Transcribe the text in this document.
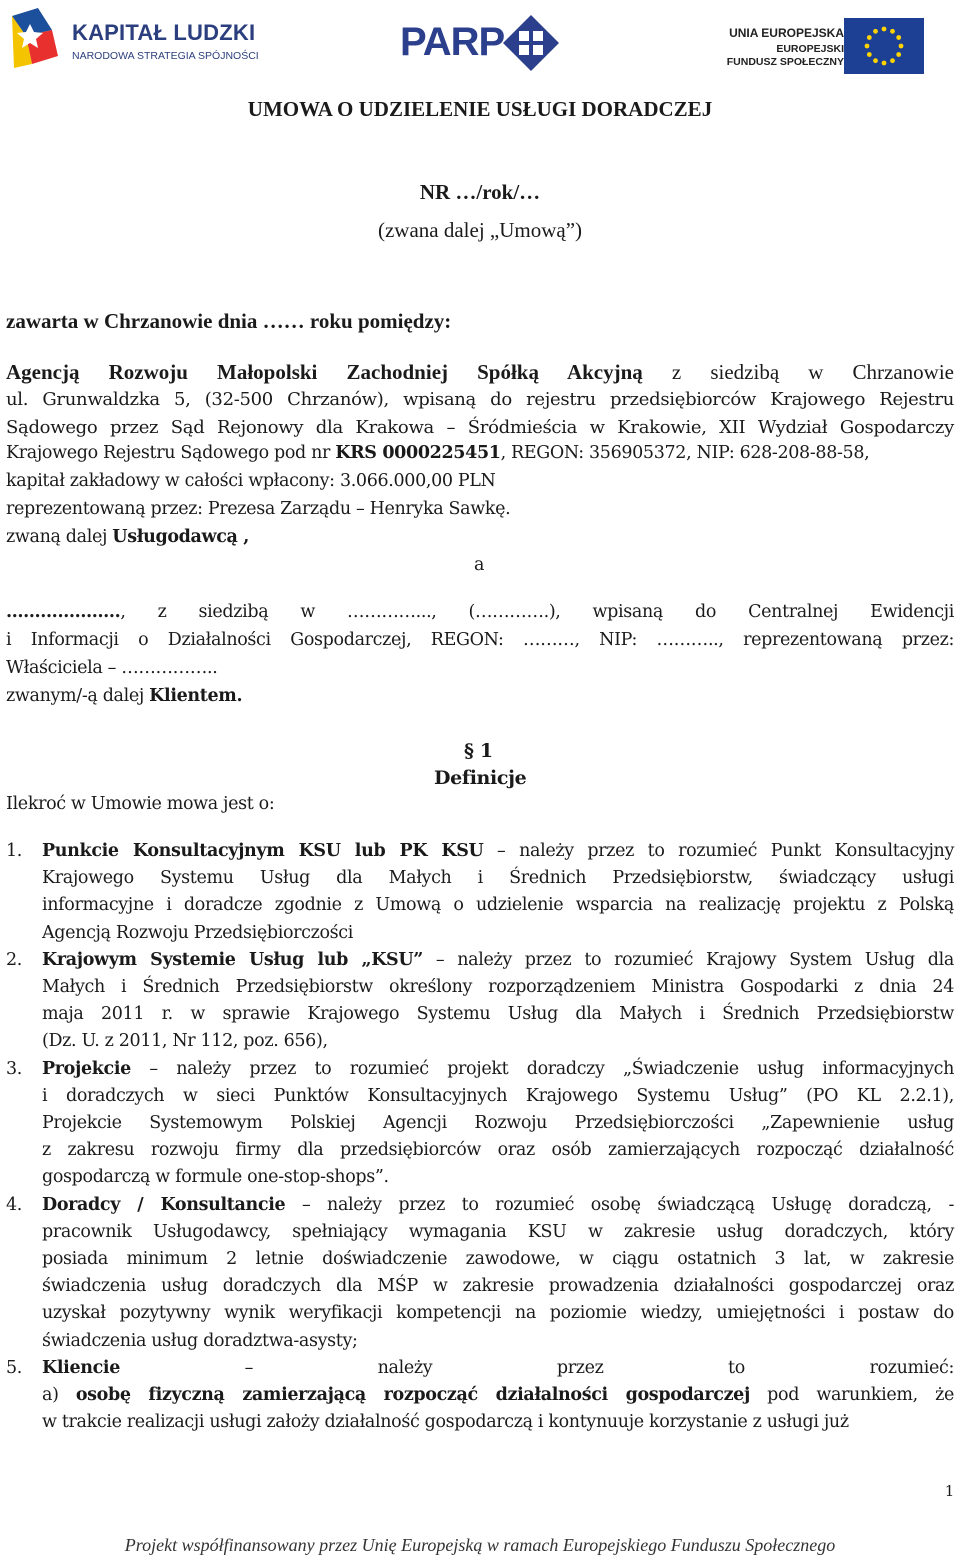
KAPITAŁ LUDZKI
NARODOWA STRATEGIA SPÓJNOŚCI	PARP	UNIA EUROPEJSKA
EUROPEJSKI
FUNDUSZ SPOŁECZNY
UMOWA O UDZIELENIE USŁUGI DORADCZEJ
NR …/rok/…
(zwana dalej „Umową”)
zawarta w Chrzanowie dnia …… roku pomiędzy:
Agencją Rozwoju Małopolski Zachodniej Spółką Akcyjną z siedzibą w Chrzanowie
ul. Grunwaldzka 5, (32-500 Chrzanów), wpisaną do rejestru przedsiębiorców Krajowego Rejestru
Sądowego przez Sąd Rejonowy dla Krakowa – Śródmieścia w Krakowie, XII Wydział Gospodarczy
Krajowego Rejestru Sądowego pod nr KRS 0000225451, REGON: 356905372, NIP: 628-208-88-58,
kapitał zakładowy w całości wpłacony: 3.066.000,00 PLN
reprezentowaną przez: Prezesa Zarządu – Henryka Sawkę.
zwaną dalej Usługodawcą ,
a
……………….., z siedzibą w …………..., (………….), wpisaną do Centralnej Ewidencji
i Informacji o Działalności Gospodarczej, REGON: ………, NIP: ……….., reprezentowaną przez:
Właściciela – ……………..
zwanym/-ą dalej Klientem.
§ 1
Definicje
Ilekroć w Umowie mowa jest o:
1. Punkcie Konsultacyjnym KSU lub PK KSU – należy przez to rozumieć Punkt Konsultacyjny
Krajowego Systemu Usług dla Małych i Średnich Przedsiębiorstw, świadczący usługi
informacyjne i doradcze zgodnie z Umową o udzielenie wsparcia na realizację projektu z Polską
Agencją Rozwoju Przedsiębiorczości
2. Krajowym Systemie Usług lub „KSU” – należy przez to rozumieć Krajowy System Usług dla
Małych i Średnich Przedsiębiorstw określony rozporządzeniem Ministra Gospodarki z dnia 24
maja 2011 r. w sprawie Krajowego Systemu Usług dla Małych i Średnich Przedsiębiorstw
(Dz. U. z 2011, Nr 112, poz. 656),
3. Projekcie – należy przez to rozumieć projekt doradczy „Świadczenie usług informacyjnych
i doradczych w sieci Punktów Konsultacyjnych Krajowego Systemu Usług” (PO KL 2.2.1),
Projekcie Systemowym Polskiej Agencji Rozwoju Przedsiębiorczości „Zapewnienie usług
z zakresu rozwoju firmy dla przedsiębiorców oraz osób zamierzających rozpocząć działalność
gospodarczą w formule one-stop-shops”.
4. Doradcy / Konsultancie – należy przez to rozumieć osobę świadczącą Usługę doradczą, -
pracownik Usługodawcy, spełniający wymagania KSU w zakresie usług doradczych, który
posiada minimum 2 letnie doświadczenie zawodowe, w ciągu ostatnich 3 lat, w zakresie
świadczenia usług doradczych dla MŚP w zakresie prowadzenia działalności gospodarczej oraz
uzyskał pozytywny wynik weryfikacji kompetencji na poziomie wiedzy, umiejętności i postaw do
świadczenia usług doradztwa-asysty;
5. Kliencie – należy przez to rozumieć:
a) osobę fizyczną zamierzającą rozpocząć działalności gospodarczej pod warunkiem, że
w trakcie realizacji usługi założy działalność gospodarczą i kontynuuje korzystanie z usługi już
1
Projekt współfinansowany przez Unię Europejską w ramach Europejskiego Funduszu Społecznego
